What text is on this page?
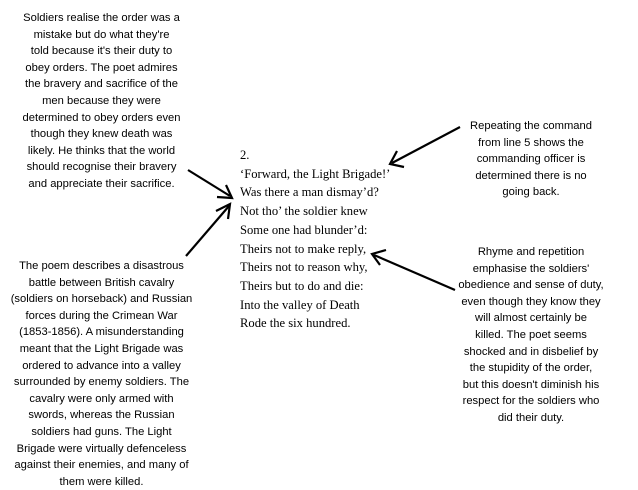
Soldiers realise the order was a
mistake but do what they're
told because it's their duty to
obey orders. The poet admires
the bravery and sacrifice of the
men because they were
determined to obey orders even
though they knew death was
likely. He thinks that the world
should recognise their bravery
and appreciate their sacrifice.
The poem describes a disastrous
battle between British cavalry
(soldiers on horseback) and Russian
forces during the Crimean War
(1853-1856). A misunderstanding
meant that the Light Brigade was
ordered to advance into a valley
surrounded by enemy soldiers. The
cavalry were only armed with
swords, whereas the Russian
soldiers had guns. The Light
Brigade were virtually defenceless
against their enemies, and many of
them were killed.
Repeating the command
from line 5 shows the
commanding officer is
determined there is no
going back.
Rhyme and repetition
emphasise the soldiers'
obedience and sense of duty,
even though they know they
will almost certainly be
killed. The poet seems
shocked and in disbelief by
the stupidity of the order,
but this doesn't diminish his
respect for the soldiers who
did their duty.
2.
‘Forward, the Light Brigade!’
Was there a man dismay’d?
Not tho’ the soldier knew
Some one had blunder’d:
Theirs not to make reply,
Theirs not to reason why,
Theirs but to do and die:
Into the valley of Death
Rode the six hundred.
